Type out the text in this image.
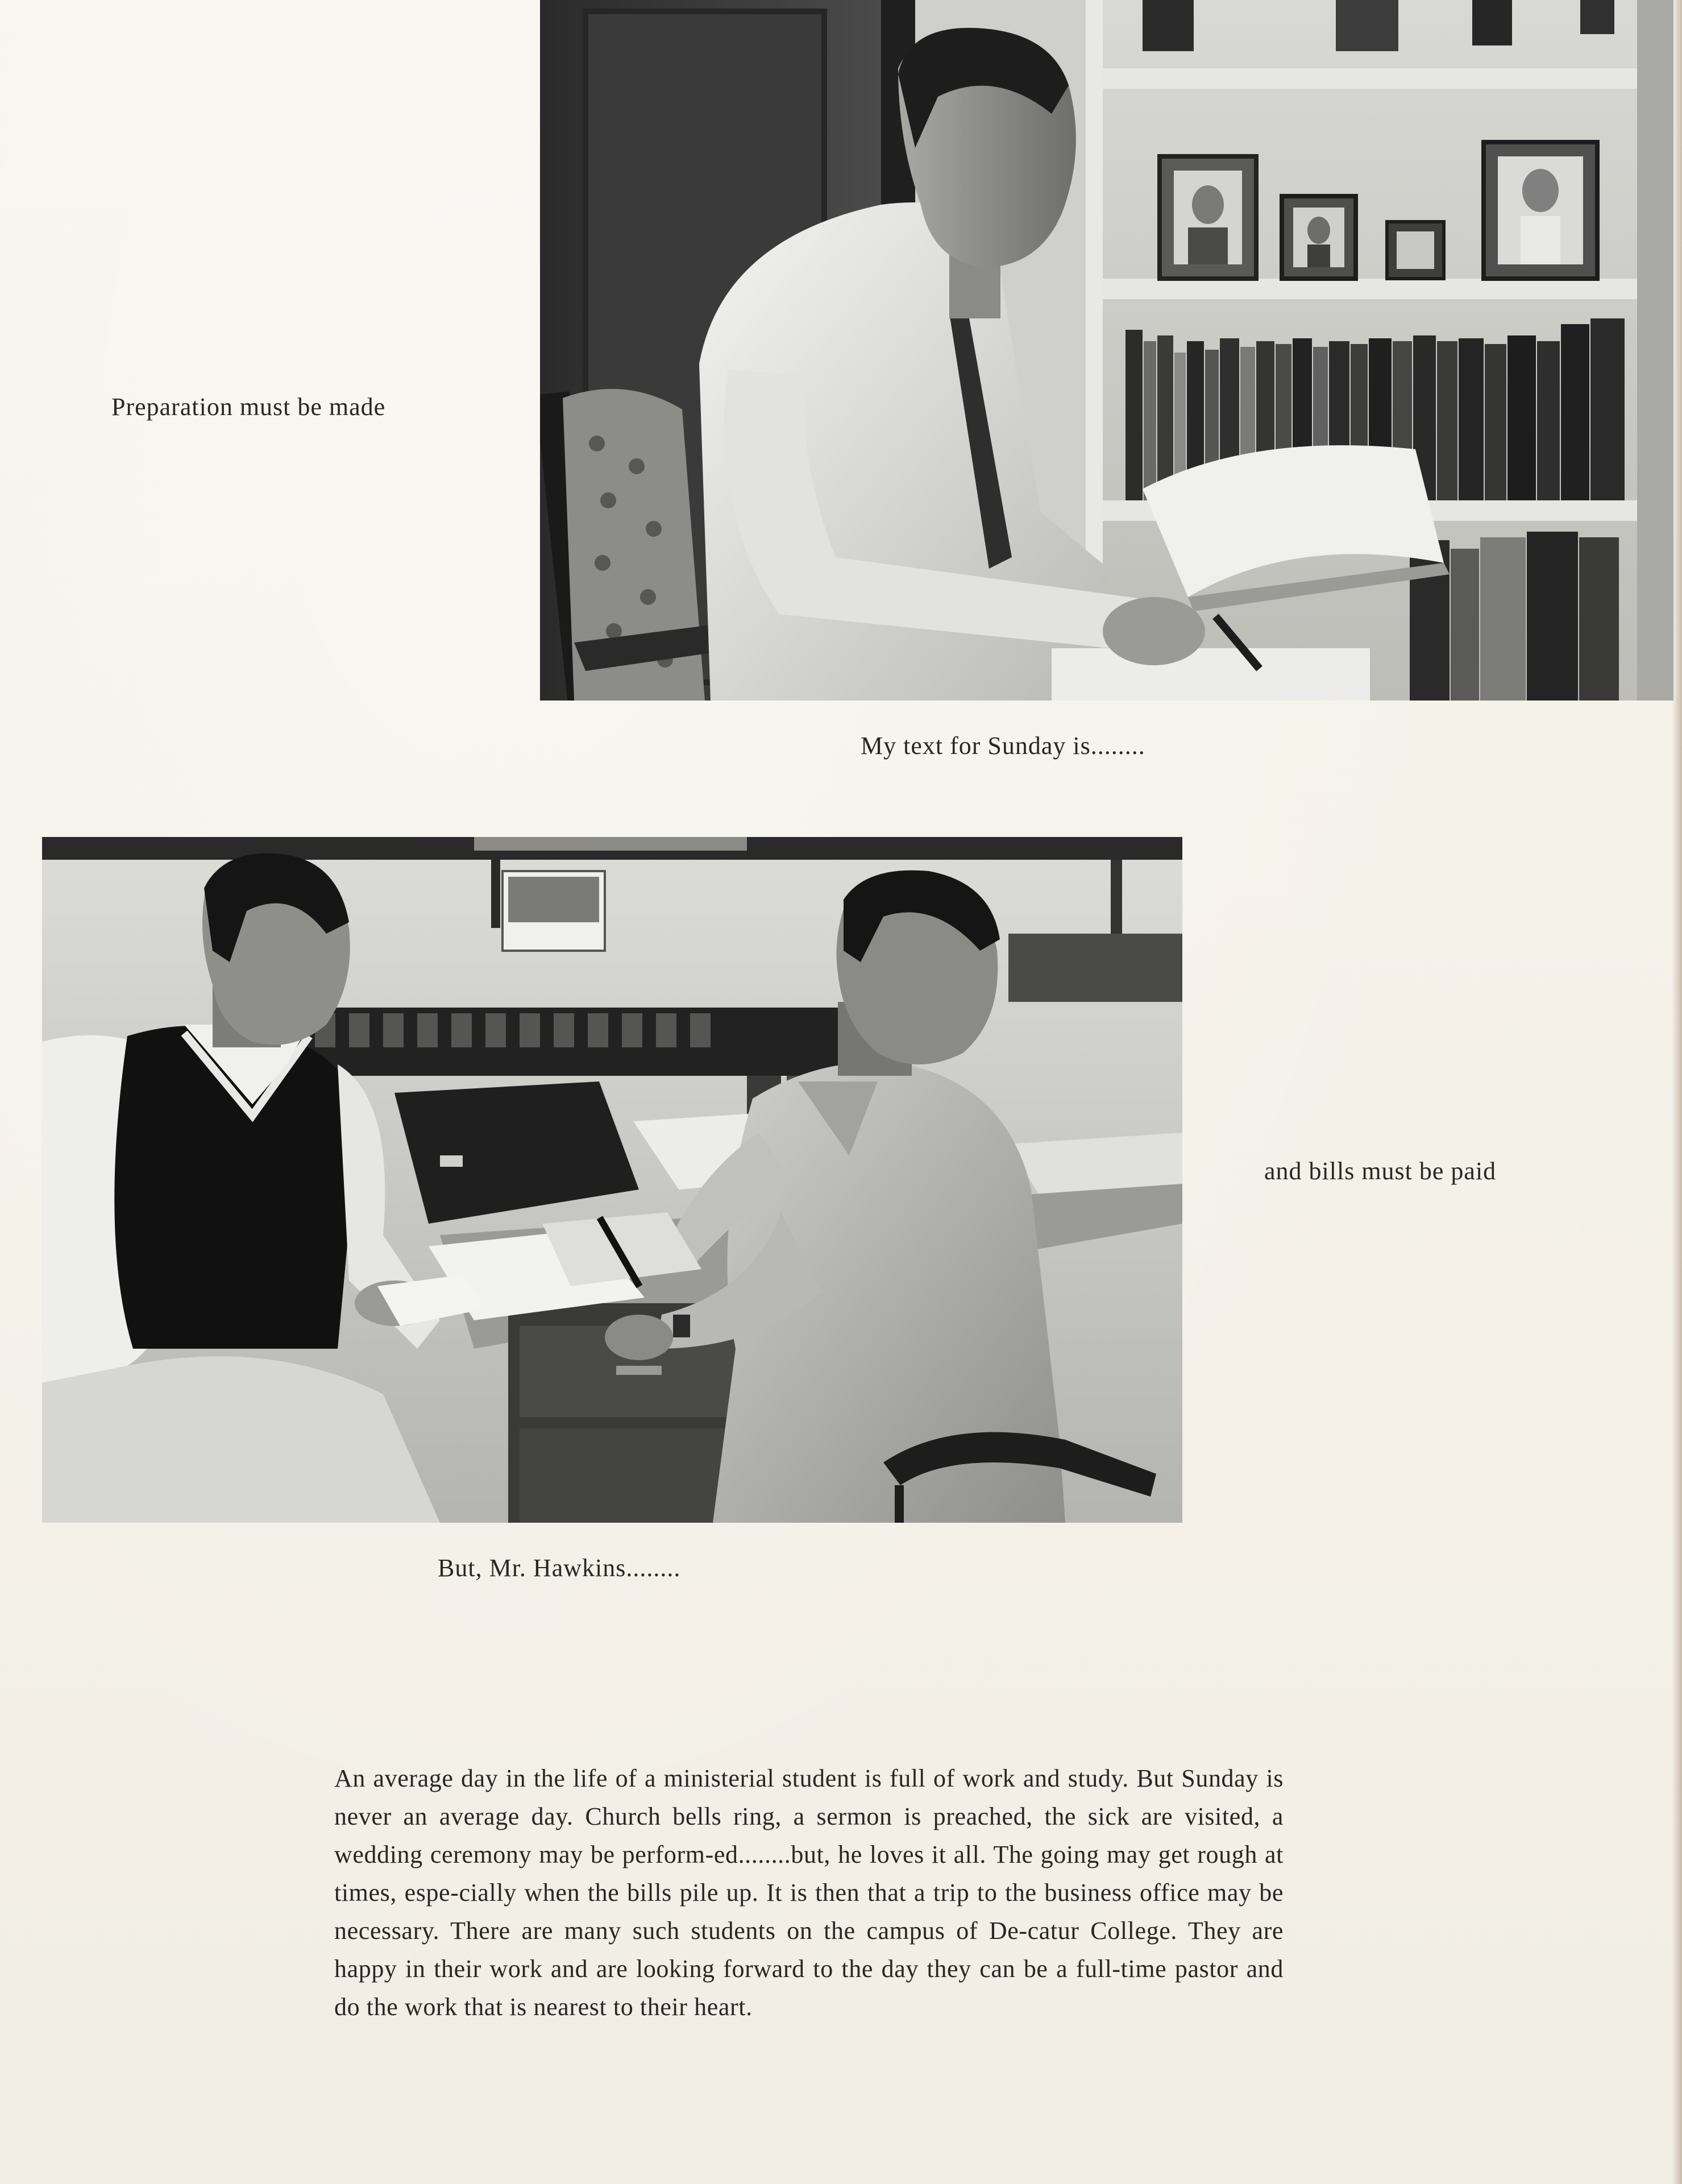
Preparation must be made
My text for Sunday is........
and bills must be paid
But, Mr. Hawkins........
An average day in the life of a ministerial student is full of work and study. But Sunday is never an average day. Church bells ring, a sermon is preached, the sick are visited, a wedding ceremony may be perform-ed........but, he loves it all. The going may get rough at times, espe-cially when the bills pile up. It is then that a trip to the business office may be necessary. There are many such students on the campus of De-catur College. They are happy in their work and are looking forward to the day they can be a full-time pastor and do the work that is nearest to their heart.
